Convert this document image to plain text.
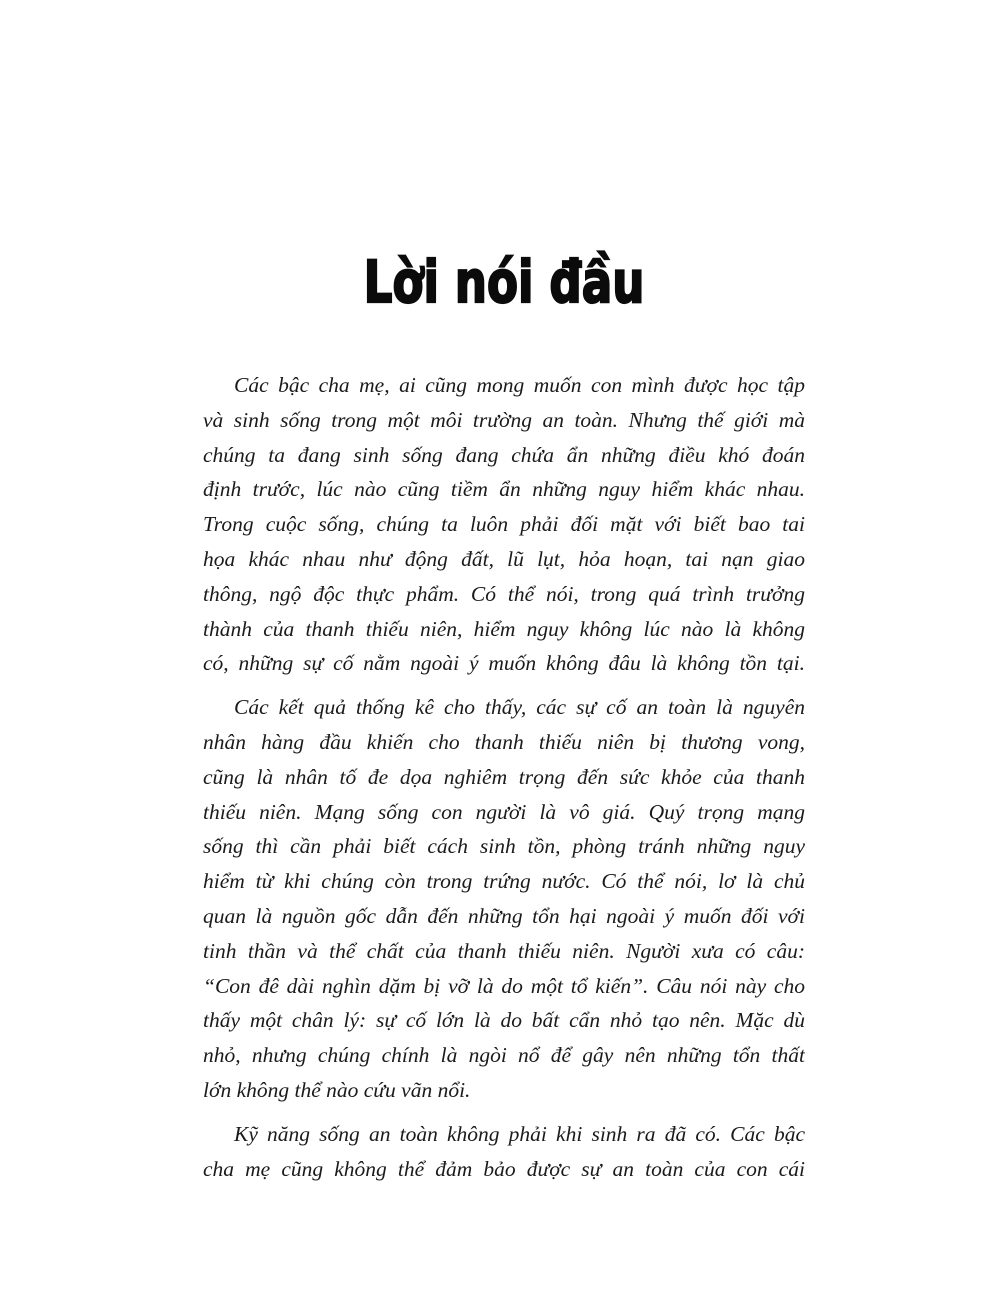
Lời nói đầu
Các bậc cha mẹ, ai cũng mong muốn con mình được học tập
và sinh sống trong một môi trường an toàn. Nhưng thế giới mà
chúng ta đang sinh sống đang chứa ẩn những điều khó đoán
định trước, lúc nào cũng tiềm ẩn những nguy hiểm khác nhau.
Trong cuộc sống, chúng ta luôn phải đối mặt với biết bao tai
họa khác nhau như động đất, lũ lụt, hỏa hoạn, tai nạn giao
thông, ngộ độc thực phẩm. Có thể nói, trong quá trình trưởng
thành của thanh thiếu niên, hiểm nguy không lúc nào là không
có, những sự cố nằm ngoài ý muốn không đâu là không tồn tại.
Các kết quả thống kê cho thấy, các sự cố an toàn là nguyên
nhân hàng đầu khiến cho thanh thiếu niên bị thương vong,
cũng là nhân tố đe dọa nghiêm trọng đến sức khỏe của thanh
thiếu niên. Mạng sống con người là vô giá. Quý trọng mạng
sống thì cần phải biết cách sinh tồn, phòng tránh những nguy
hiểm từ khi chúng còn trong trứng nước. Có thể nói, lơ là chủ
quan là nguồn gốc dẫn đến những tổn hại ngoài ý muốn đối với
tinh thần và thể chất của thanh thiếu niên. Người xưa có câu:
“Con đê dài nghìn dặm bị vỡ là do một tổ kiến”. Câu nói này cho
thấy một chân lý: sự cố lớn là do bất cẩn nhỏ tạo nên. Mặc dù
nhỏ, nhưng chúng chính là ngòi nổ để gây nên những tổn thất
lớn không thể nào cứu vãn nổi.
Kỹ năng sống an toàn không phải khi sinh ra đã có. Các bậc
cha mẹ cũng không thể đảm bảo được sự an toàn của con cái
